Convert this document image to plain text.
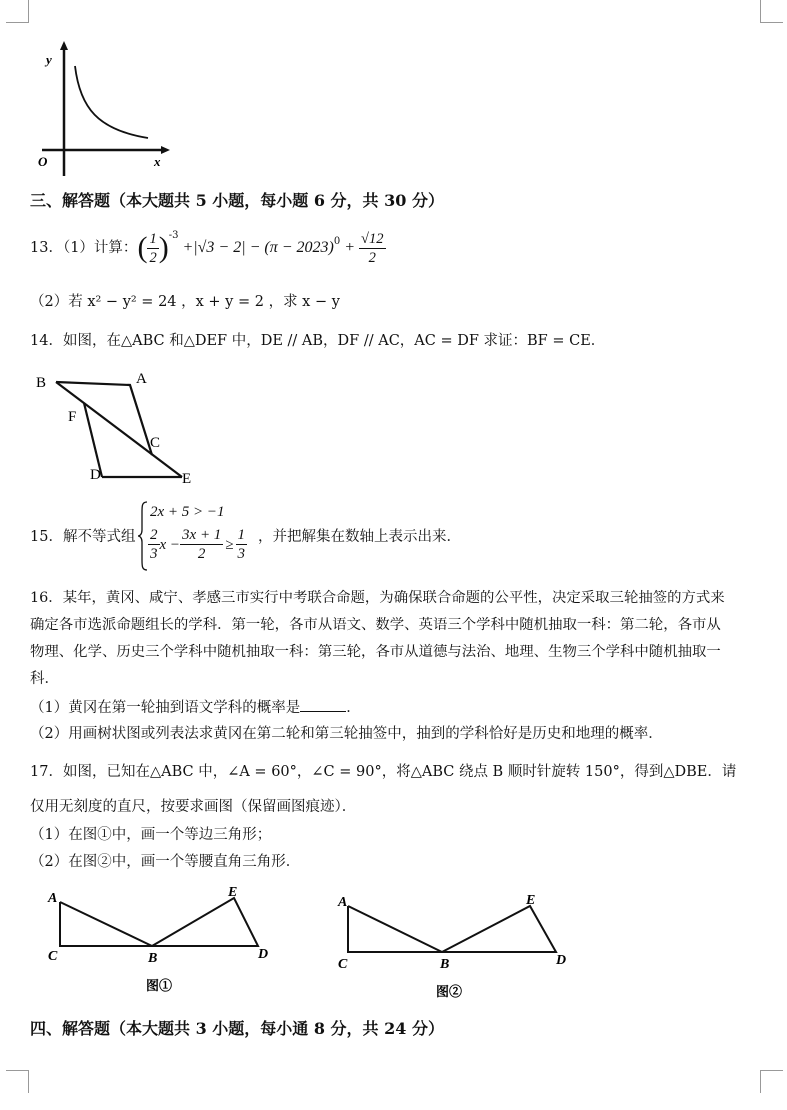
y
O	x
三、解答题（本大题共 5 小题，每小题 6 分，共 30 分）
13．（1）计算： ( $\frac{1}{2} )^{-3}$
$+|√3 - 2| - (\pi - 2023)^0 + \frac{√12}{2}$
（2）若 x² − y² = 24 ，x + y = 2 ，求 x − y
14．如图，在△ABC 和△DEF 中，DE // AB，DF // AC，AC = DF 求证：BF = CE．
B	A
F
C
D	E
15．解不等式组
2x + 5 > −1
$\frac{2}{3}$ $x - \frac{3x + 1}{2} \ge \frac{1}{3}$ ，并把解集在数轴上表示出来．
16．某年，黄冈、咸宁、孝感三市实行中考联合命题，为确保联合命题的公平性，决定采取三轮抽签的方式来
确定各市选派命题组长的学科．第一轮，各市从语文、数学、英语三个学科中随机抽取一科：第二轮，各市从
物理、化学、历史三个学科中随机抽取一科：第三轮，各市从道德与法治、地理、生物三个学科中随机抽取一
科．
（1）黄冈在第一轮抽到语文学科的概率是	．
（2）用画树状图或列表法求黄冈在第二轮和第三轮抽签中，抽到的学科恰好是历史和地理的概率．
17．如图，已知在△ABC 中，∠A = 60°，∠C = 90°，将△ABC 绕点 B 顺时针旋转 150°，得到△DBE．请
仅用无刻度的直尺，按要求画图（保留画图痕迹）．
（1）在图①中，画一个等边三角形；
（2）在图②中，画一个等腰直角三角形．
A
C	B
E
D
图①
A
C	B
E
D
图②
四、解答题（本大题共 3 小题，每小通 8 分，共 24 分）
